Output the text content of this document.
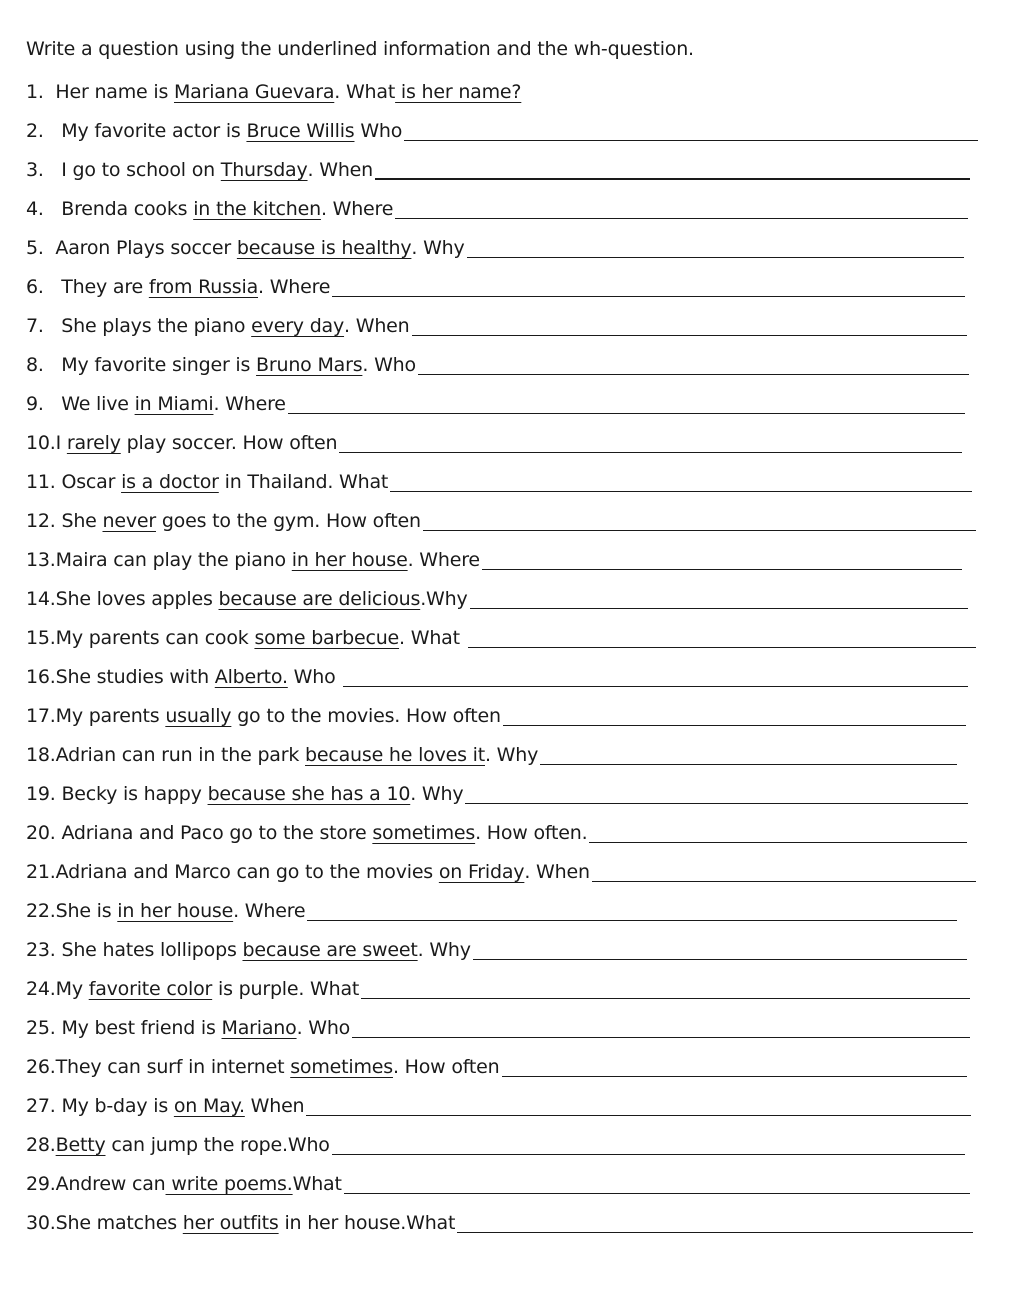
Write a question using the underlined information and the wh-question.

1. Her name is Mariana Guevara . What is her name?
2. My favorite actor is Bruce Willis Who
3. I go to school on Thursday . When
4. Brenda cooks in the kitchen . Where
5. Aaron Plays soccer because is healthy . Why
6. They are from Russia . Where
7. She plays the piano every day . When
8. My favorite singer is Bruno Mars . Who
9. We live in Miami . Where
10. I rarely play soccer. How often
11. Oscar is a doctor in Thailand. What
12. She never goes to the gym. How often
13. Maira can play the piano in her house . Where
14. She loves apples because are delicious .Why
15. My parents can cook some barbecue . What
16. She studies with Alberto. Who
17. My parents usually go to the movies. How often
18. Adrian can run in the park because he loves it . Why
19. Becky is happy because she has a 10 . Why
20. Adriana and Paco go to the store sometimes . How often.
21. Adriana and Marco can go to the movies on Friday . When
22. She is in her house . Where
23. She hates lollipops because are sweet . Why
24. My favorite color is purple. What
25. My best friend is Mariano . Who
26. They can surf in internet sometimes . How often
27. My b-day is on May. When
28. Betty can jump the rope.Who
29. Andrew can write poems. What
30. She matches her outfits in her house.What
